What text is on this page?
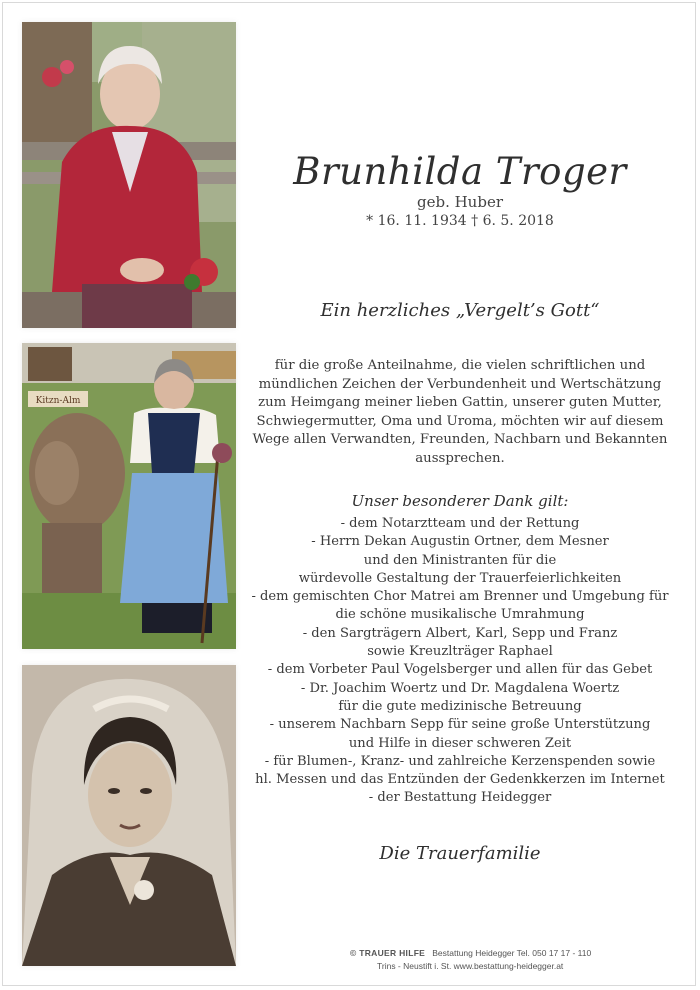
Kitzn-Alm
Brunhilda Troger
geb. Huber
* 16. 11. 1934 † 6. 5. 2018
Ein herzliches „Vergelt’s Gott“
für die große Anteilnahme, die vielen schriftlichen und mündlichen Zeichen der Verbundenheit und Wertschätzung zum Heimgang meiner lieben Gattin, unserer guten Mutter, Schwiegermutter, Oma und Uroma, möchten wir auf diesem Wege allen Verwandten, Freunden, Nachbarn und Bekannten aussprechen.
Unser besonderer Dank gilt:
- dem Notarztteam und der Rettung
- Herrn Dekan Augustin Ortner, dem Mesner
und den Ministranten für die
würdevolle Gestaltung der Trauerfeierlichkeiten
- dem gemischten Chor Matrei am Brenner und Umgebung für
die schöne musikalische Umrahmung
- den Sargträgern Albert, Karl, Sepp und Franz
sowie Kreuzlträger Raphael
- dem Vorbeter Paul Vogelsberger und allen für das Gebet
- Dr. Joachim Woertz und Dr. Magdalena Woertz
für die gute medizinische Betreuung
- unserem Nachbarn Sepp für seine große Unterstützung
und Hilfe in dieser schweren Zeit
- für Blumen-, Kranz- und zahlreiche Kerzenspenden sowie
hl. Messen und das Entzünden der Gedenkkerzen im Internet
- der Bestattung Heidegger
Die Trauerfamilie
© TRAUER HILFE Bestattung Heidegger Tel. 050 17 17 - 110
Trins - Neustift i. St. www.bestattung-heidegger.at
